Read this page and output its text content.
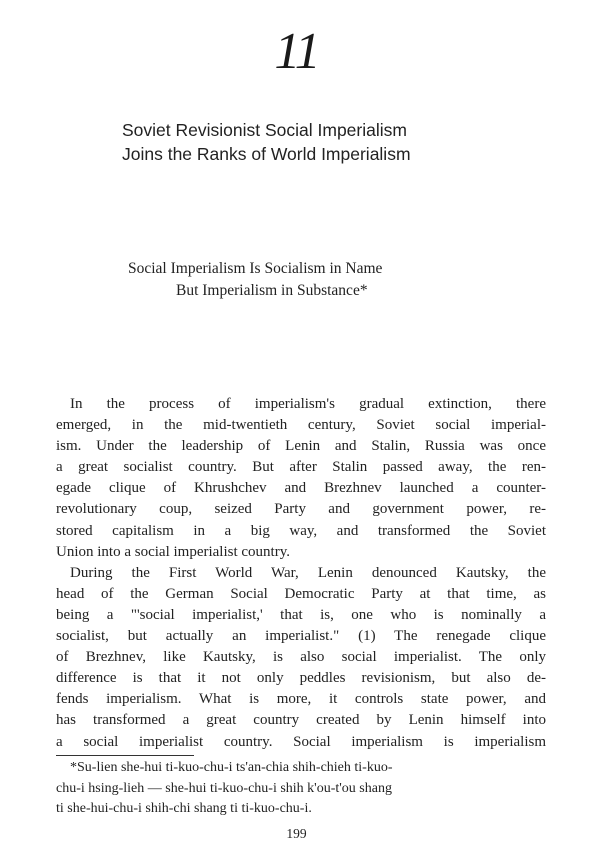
11
Soviet Revisionist Social Imperialism
Joins the Ranks of World Imperialism
Social Imperialism Is Socialism in Name
But Imperialism in Substance*
In the process of imperialism's gradual extinction, there
emerged, in the mid-twentieth century, Soviet social imperial-
ism. Under the leadership of Lenin and Stalin, Russia was once
a great socialist country. But after Stalin passed away, the ren-
egade clique of Khrushchev and Brezhnev launched a counter-
revolutionary coup, seized Party and government power, re-
stored capitalism in a big way, and transformed the Soviet
Union into a social imperialist country.
During the First World War, Lenin denounced Kautsky, the
head of the German Social Democratic Party at that time, as
being a "'social imperialist,' that is, one who is nominally a
socialist, but actually an imperialist." (1) The renegade clique
of Brezhnev, like Kautsky, is also social imperialist. The only
difference is that it not only peddles revisionism, but also de-
fends imperialism. What is more, it controls state power, and
has transformed a great country created by Lenin himself into
a social imperialist country. Social imperialism is imperialism
*Su-lien she-hui ti-kuo-chu-i ts'an-chia shih-chieh ti-kuo-
chu-i hsing-lieh — she-hui ti-kuo-chu-i shih k'ou-t'ou shang
ti she-hui-chu-i shih-chi shang ti ti-kuo-chu-i.
199
